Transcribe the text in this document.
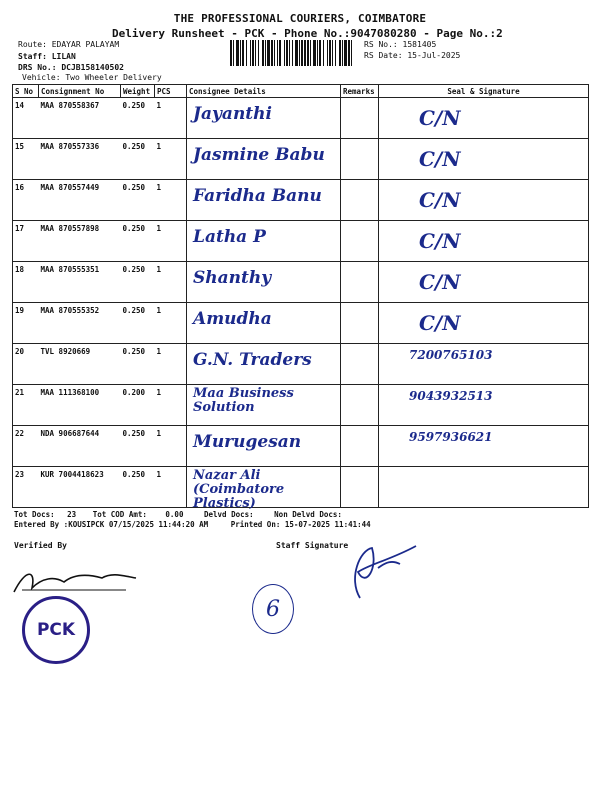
THE PROFESSIONAL COURIERS, COIMBATORE
Delivery Runsheet - PCK - Phone No.:9047080280 - Page No.:2
Route: EDAYAR PALAYAM
Staff: LILAN
DRS No.: DCJB158140502
Vehicle: Two Wheeler Delivery
RS No.: 1581405
RS Date: 15-Jul-2025
S No	Consignment No	Weight	PCS	Consignee Details	Remarks	Seal & Signature
14	MAA 870558367	0.250	1	Jayanthi		C/N

15	MAA 870557336	0.250	1	Jasmine Babu		C/N

16	MAA 870557449	0.250	1	Faridha Banu		C/N

17	MAA 870557898	0.250	1	Latha P		C/N

18	MAA 870555351	0.250	1	Shanthy		C/N

19	MAA 870555352	0.250	1	Amudha		C/N

20	TVL 8920669	0.250	1	G.N. Traders		7200765103

21	MAA 111368100	0.200	1	Maa Business Solution		9043932513

22	NDA 906687644	0.250	1	Murugesan		9597936621

23	KUR 7004418623	0.250	1	Nazar Ali (Coimbatore Plastics)		

Tot Docs: 23 Tot COD Amt: 0.00	Delvd Docs:	Non Delvd Docs:
Entered By :KOUSIPCK 07/15/2025 11:44:20 AM	Printed On: 15-07-2025 11:41:44
Verified By	Staff Signature
PCK
6
